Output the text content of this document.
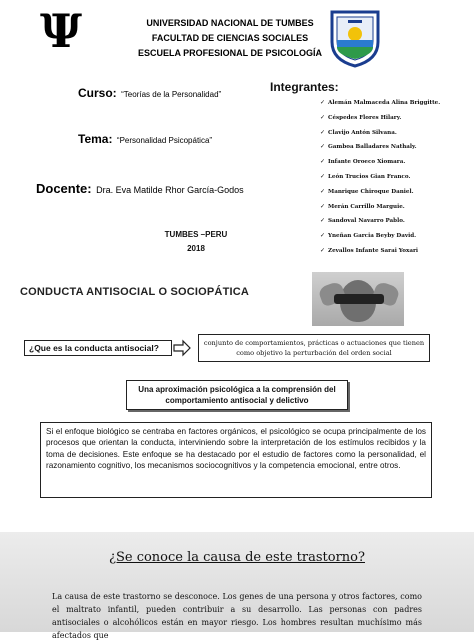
Ψ	UNIVERSIDAD NACIONAL DE TUMBES
FACULTAD DE CIENCIAS SOCIALES
ESCUELA PROFESIONAL DE PSICOLOGÍA
Curso: “Teorías de la Personalidad”
Tema: “Personalidad Psicopática”
Docente: Dra. Eva Matilde Rhor García-Godos
TUMBES –PERU
2018
Integrantes:
✓ Alemán Malmaceda Alina Briggitte.
✓ Céspedes Flores Hilary.
✓ Clavijo Antón Silvana.
✓ Gamboa Balladares Nathaly.
✓ Infante Oroeco Xiomara.
✓ León Trucios Gian Franco.
✓ Manrique Chiroque Daniel.
✓ Merán Carrillo Marguie.
✓ Sandoval Navarro Pablo.
✓ Yneñan Garcia Beyby David.
✓ Zevallos Infante Sarai Yoxari
CONDUCTA ANTISOCIAL O SOCIOPÁTICA
¿Que es la conducta antisocial?	conjunto de comportamientos, prácticas o actuaciones que tienen como objetivo la perturbación del orden social
Una aproximación psicológica a la comprensión del comportamiento antisocial y delictivo
Si el enfoque biológico se centraba en factores orgánicos, el psicológico se ocupa principalmente de los procesos que orientan la conducta, interviniendo sobre la interpretación de los estímulos recibidos y la toma de decisiones. Este enfoque se ha destacado por el estudio de factores como la personalidad, el razonamiento cognitivo, los mecanismos sociocognitivos y la competencia emocional, entre otros.
¿Se conoce la causa de este trastorno?
La causa de este trastorno se desconoce. Los genes de una persona y otros factores, como el maltrato infantil, pueden contribuir a su desarrollo. Las personas con padres antisociales o alcohólicos están en mayor riesgo. Los hombres resultan muchísimo más afectados que
